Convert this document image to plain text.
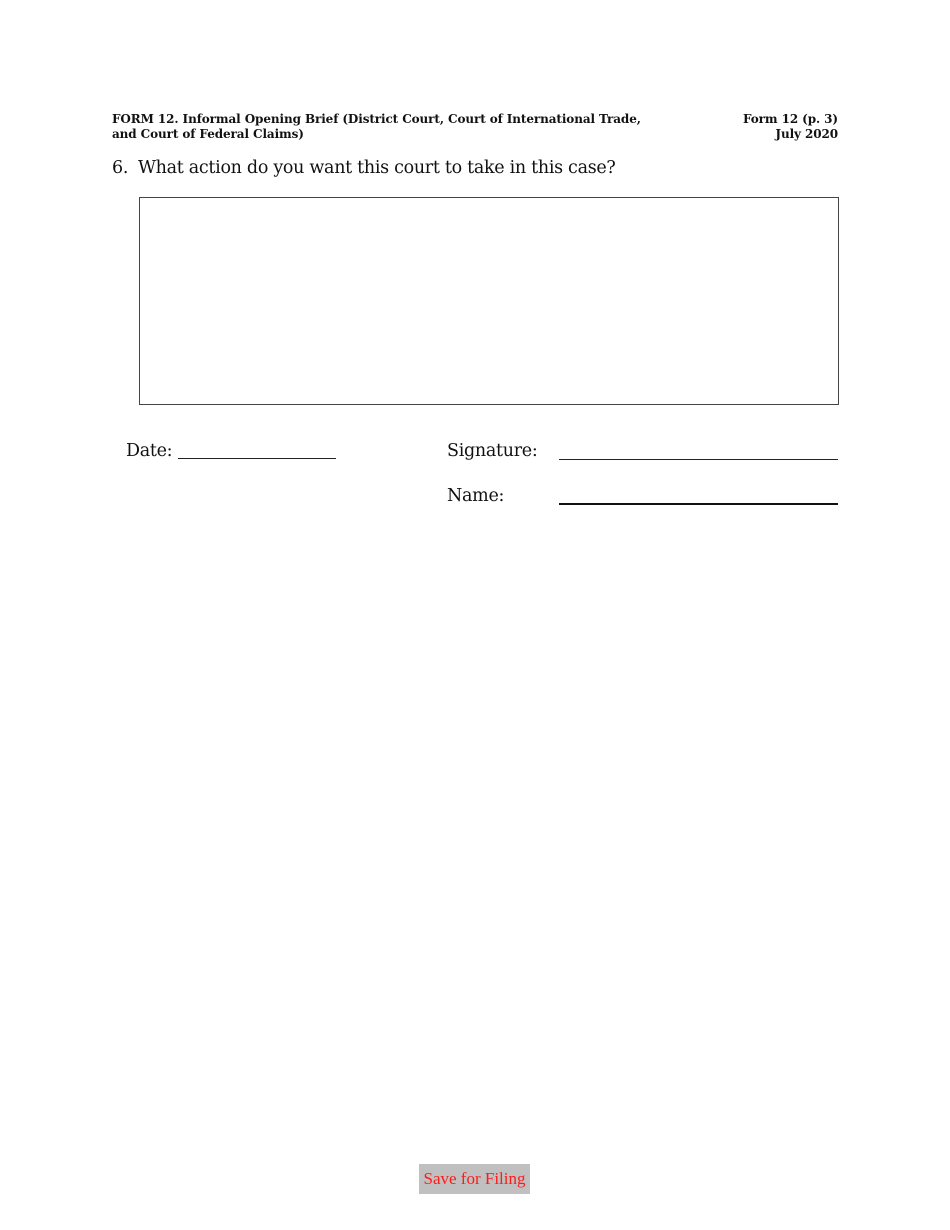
FORM 12. Informal Opening Brief (District Court, Court of International Trade,
and Court of Federal Claims)
Form 12 (p. 3)
July 2020
6. What action do you want this court to take in this case?
Date:	Signature:
Name:
Save for Filing
